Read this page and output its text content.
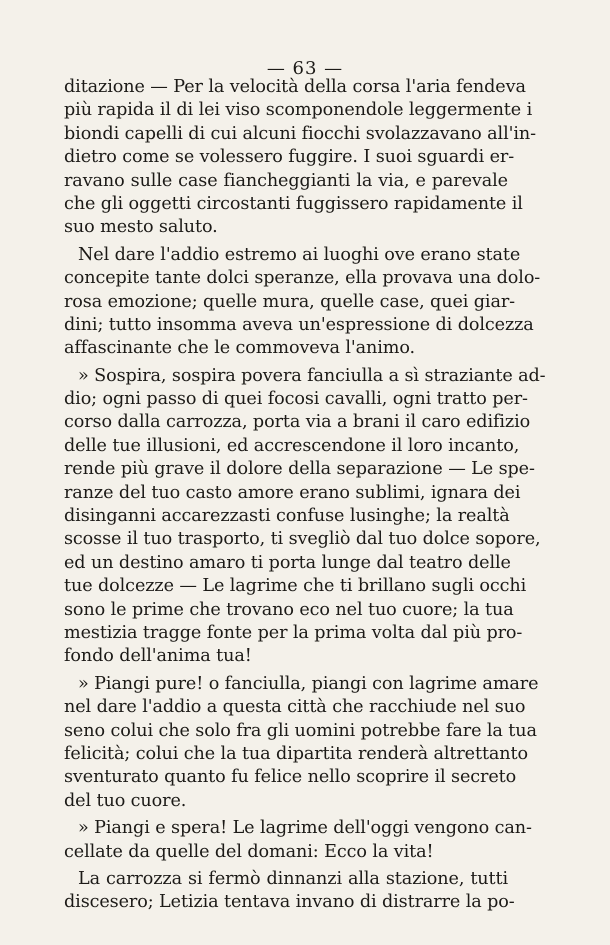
— 63 —
ditazione — Per la velocità della corsa l'aria fendeva
più rapida il di lei viso scomponendole leggermente i
biondi capelli di cui alcuni fiocchi svolazzavano all'in-
dietro come se volessero fuggire. I suoi sguardi er-
ravano sulle case fiancheggianti la via, e parevale
che gli oggetti circostanti fuggissero rapidamente il
suo mesto saluto.
Nel dare l'addio estremo ai luoghi ove erano state
concepite tante dolci speranze, ella provava una dolo-
rosa emozione; quelle mura, quelle case, quei giar-
dini; tutto insomma aveva un'espressione di dolcezza
affascinante che le commoveva l'animo.
» Sospira, sospira povera fanciulla a sì straziante ad-
dio; ogni passo di quei focosi cavalli, ogni tratto per-
corso dalla carrozza, porta via a brani il caro edifizio
delle tue illusioni, ed accrescendone il loro incanto,
rende più grave il dolore della separazione — Le spe-
ranze del tuo casto amore erano sublimi, ignara dei
disinganni accarezzasti confuse lusinghe; la realtà
scosse il tuo trasporto, ti svegliò dal tuo dolce sopore,
ed un destino amaro ti porta lunge dal teatro delle
tue dolcezze — Le lagrime che ti brillano sugli occhi
sono le prime che trovano eco nel tuo cuore; la tua
mestizia tragge fonte per la prima volta dal più pro-
fondo dell'anima tua!
» Piangi pure! o fanciulla, piangi con lagrime amare
nel dare l'addio a questa città che racchiude nel suo
seno colui che solo fra gli uomini potrebbe fare la tua
felicità; colui che la tua dipartita renderà altrettanto
sventurato quanto fu felice nello scoprire il secreto
del tuo cuore.
» Piangi e spera! Le lagrime dell'oggi vengono can-
cellate da quelle del domani: Ecco la vita!
La carrozza si fermò dinnanzi alla stazione, tutti
discesero; Letizia tentava invano di distrarre la po-
